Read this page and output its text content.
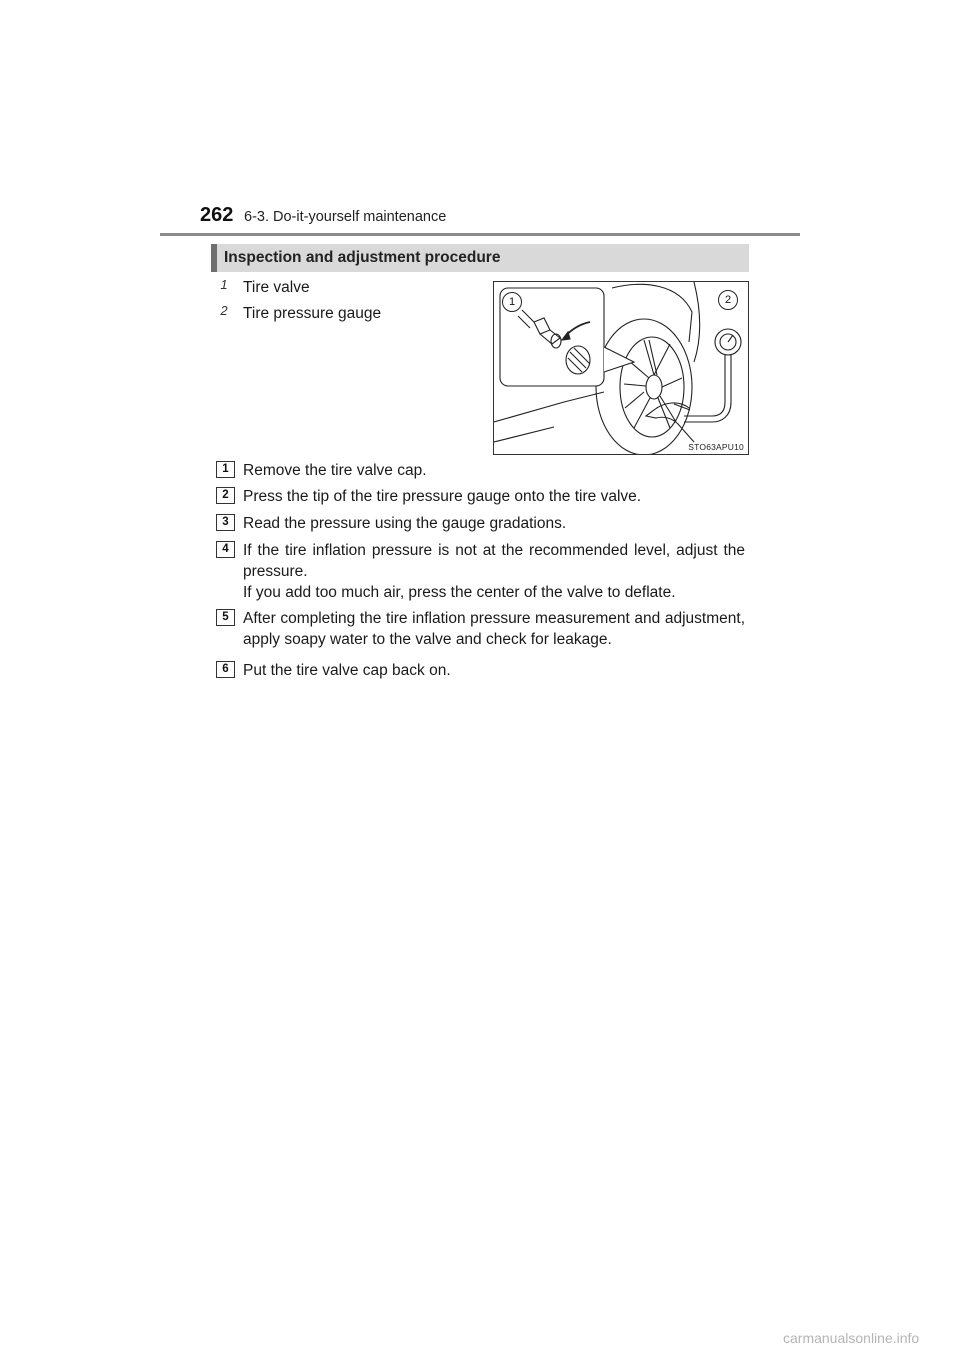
262 6-3. Do-it-yourself maintenance
Inspection and adjustment procedure
1 Tire valve
2 Tire pressure gauge
1	2
STO63APU10
1 Remove the tire valve cap.
2 Press the tip of the tire pressure gauge onto the tire valve.
3 Read the pressure using the gauge gradations.
4 If the tire inflation pressure is not at the recommended level, adjust the pressure.
If you add too much air, press the center of the valve to deflate.
5 After completing the tire inflation pressure measurement and adjustment, apply soapy water to the valve and check for leakage.
6 Put the tire valve cap back on.
carmanualsonline.info
